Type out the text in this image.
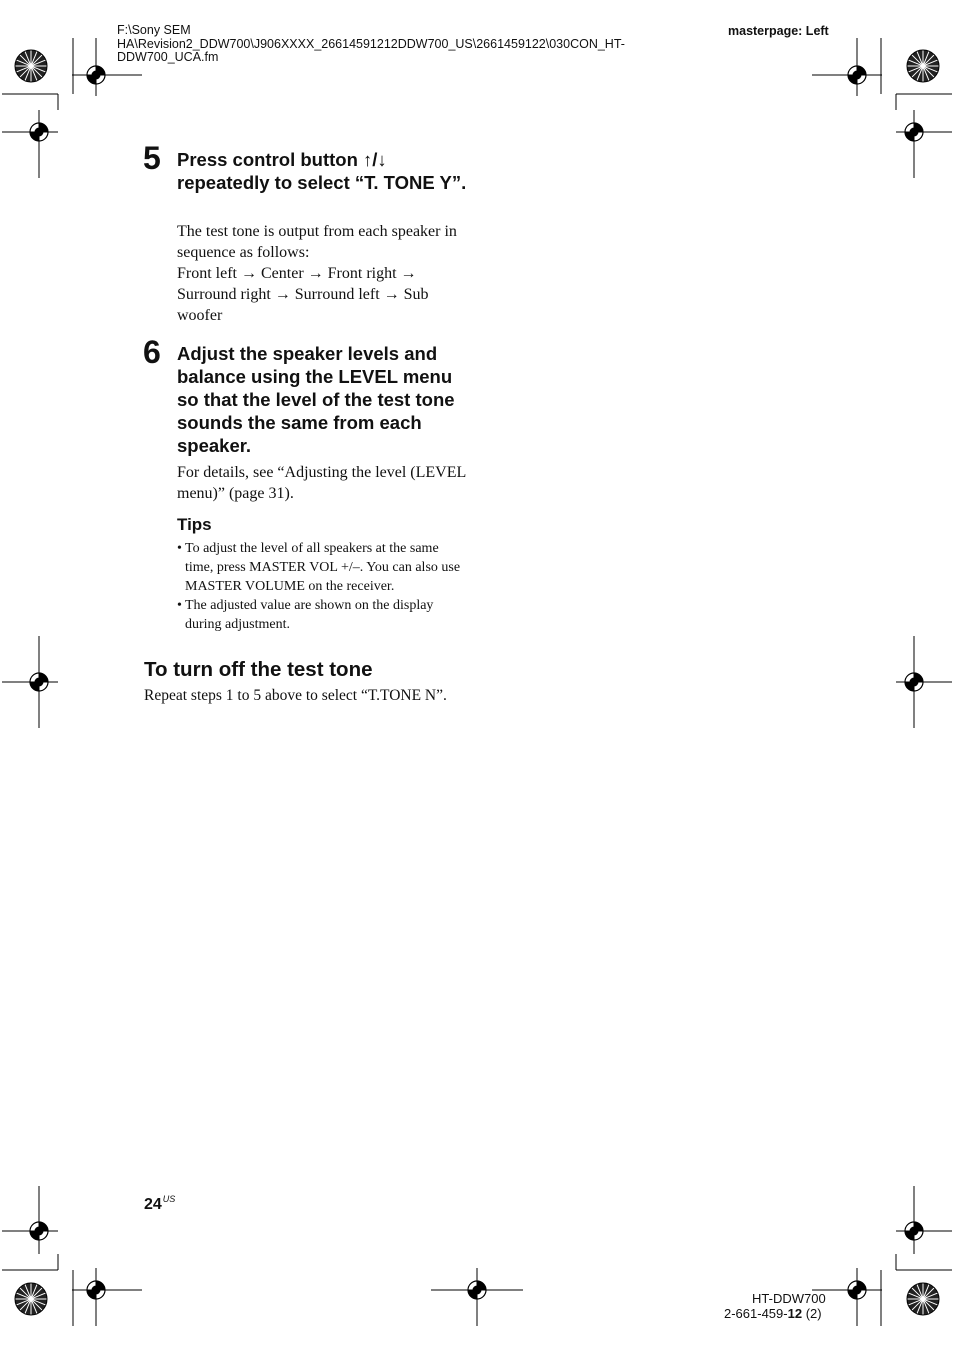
F:\Sony SEM
HA\Revision2_DDW700\J906XXXX_26614591212DDW700_US\2661459122\030CON_HT-
DDW700_UCA.fm
masterpage: Left
5 Press control button ↑/↓ repeatedly to select “T. TONE Y”.
The test tone is output from each speaker in sequence as follows:
Front left → Center → Front right →
Surround right → Surround left → Sub woofer
6 Adjust the speaker levels and balance using the LEVEL menu so that the level of the test tone sounds the same from each speaker.
For details, see “Adjusting the level (LEVEL menu)” (page 31).
Tips
• To adjust the level of all speakers at the same time, press MASTER VOL +/–. You can also use MASTER VOLUME on the receiver.
• The adjusted value are shown on the display during adjustment.
To turn off the test tone
Repeat steps 1 to 5 above to select “T.TONE N”.
$24^{US}$
HT-DDW700
2-661-459-12 (2)
